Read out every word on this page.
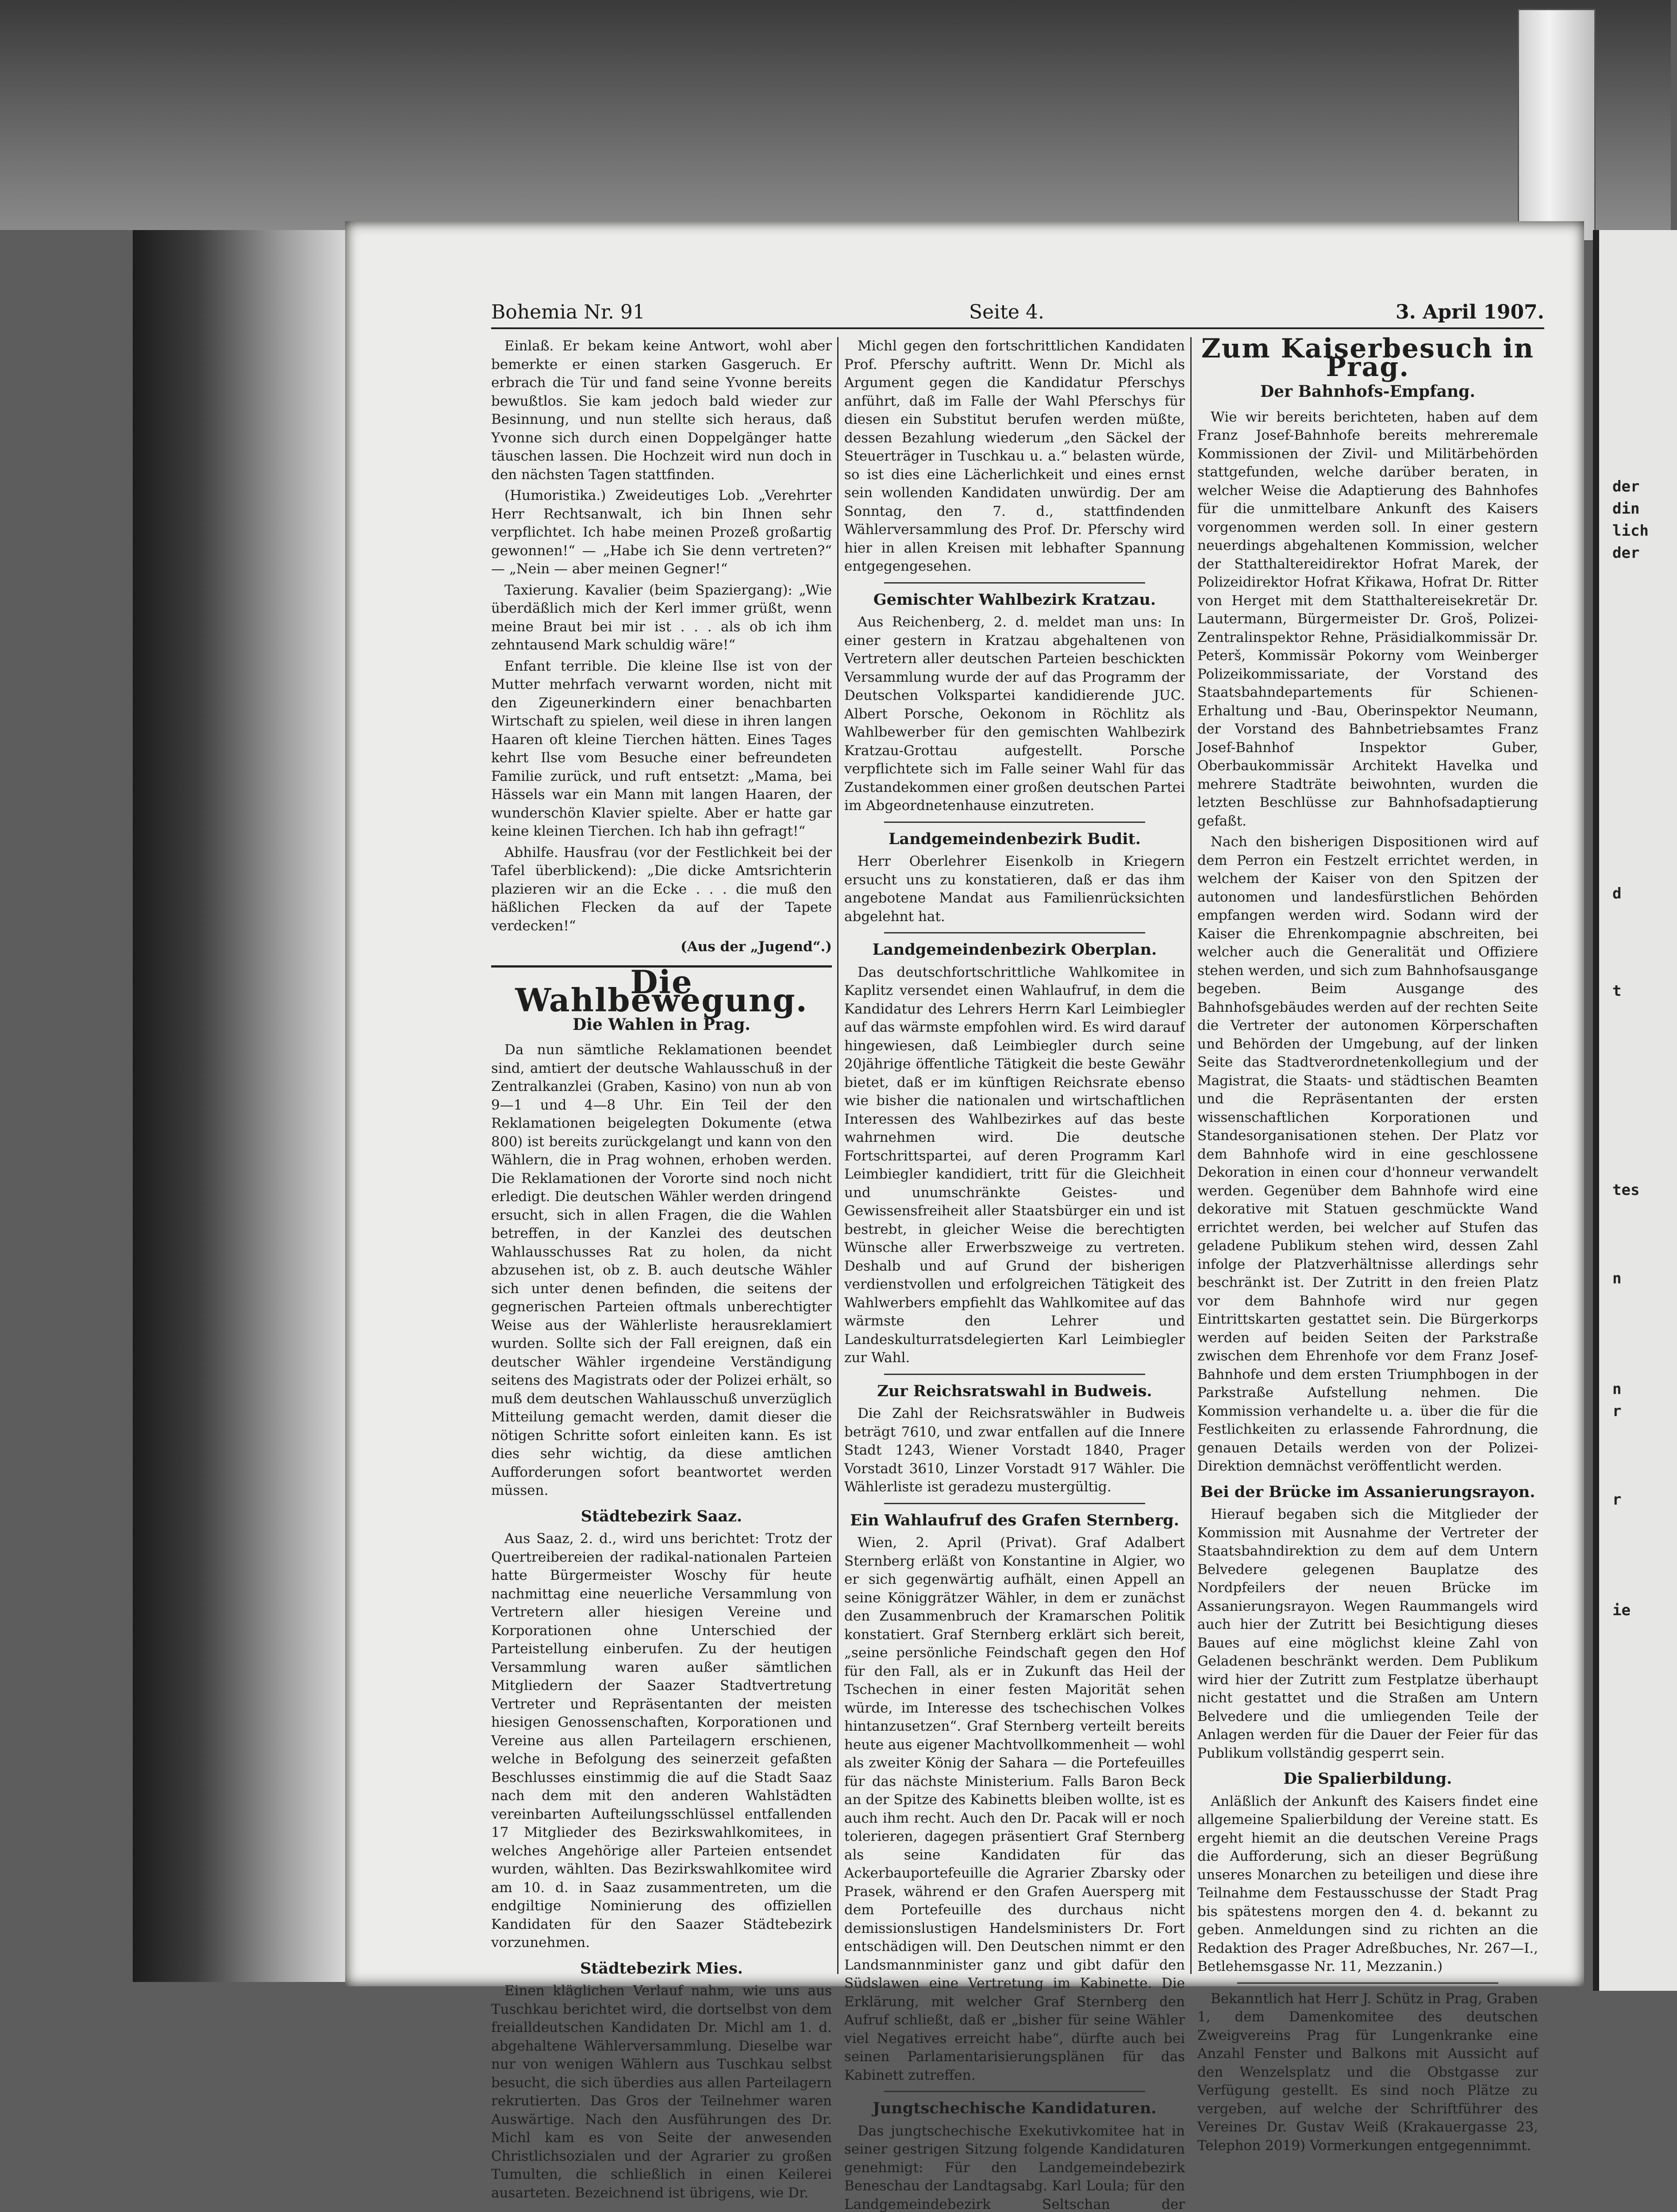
Bohemia Nr. 91	Seite 4.	3. April 1907.

Einlaß. Er bekam keine Antwort, wohl aber bemerkte er einen starken Gasgeruch. Er erbrach die Tür und fand seine Yvonne bereits bewußtlos. Sie kam jedoch bald wieder zur Besinnung, und nun stellte sich heraus, daß Yvonne sich durch einen Doppelgänger hatte täuschen lassen. Die Hochzeit wird nun doch in den nächsten Tagen stattfinden.

(Humoristika.) Zweideutiges Lob. „Verehrter Herr Rechtsanwalt, ich bin Ihnen sehr verpflichtet. Ich habe meinen Prozeß großartig gewonnen!“ — „Habe ich Sie denn vertreten?“ — „Nein — aber meinen Gegner!“

Taxierung. Kavalier (beim Spaziergang): „Wie überdäßlich mich der Kerl immer grüßt, wenn meine Braut bei mir ist . . . als ob ich ihm zehntausend Mark schuldig wäre!“

Enfant terrible. Die kleine Ilse ist von der Mutter mehrfach verwarnt worden, nicht mit den Zigeunerkindern einer benachbarten Wirtschaft zu spielen, weil diese in ihren langen Haaren oft kleine Tierchen hätten. Eines Tages kehrt Ilse vom Besuche einer befreundeten Familie zurück, und ruft entsetzt: „Mama, bei Hässels war ein Mann mit langen Haaren, der wunderschön Klavier spielte. Aber er hatte gar keine kleinen Tierchen. Ich hab ihn gefragt!“

Abhilfe. Hausfrau (vor der Festlichkeit bei der Tafel überblickend): „Die dicke Amtsrichterin plazieren wir an die Ecke . . . die muß den häßlichen Flecken da auf der Tapete verdecken!“

(Aus der „Jugend“.)
Die Wahlbewegung.
Die Wahlen in Prag.

Da nun sämtliche Reklamationen beendet sind, amtiert der deutsche Wahlausschuß in der Zentralkanzlei (Graben, Kasino) von nun ab von 9—1 und 4—8 Uhr. Ein Teil der den Reklamationen beigelegten Dokumente (etwa 800) ist bereits zurückgelangt und kann von den Wählern, die in Prag wohnen, erhoben werden. Die Reklamationen der Vororte sind noch nicht erledigt. Die deutschen Wähler werden dringend ersucht, sich in allen Fragen, die die Wahlen betreffen, in der Kanzlei des deutschen Wahlausschusses Rat zu holen, da nicht abzusehen ist, ob z. B. auch deutsche Wähler sich unter denen befinden, die seitens der gegnerischen Parteien oftmals unberechtigter Weise aus der Wählerliste herausreklamiert wurden. Sollte sich der Fall ereignen, daß ein deutscher Wähler irgendeine Verständigung seitens des Magistrats oder der Polizei erhält, so muß dem deutschen Wahlausschuß unverzüglich Mitteilung gemacht werden, damit dieser die nötigen Schritte sofort einleiten kann. Es ist dies sehr wichtig, da diese amtlichen Aufforderungen sofort beantwortet werden müssen.

Städtebezirk Saaz.

Aus Saaz, 2. d., wird uns berichtet: Trotz der Quertreibereien der radikal-nationalen Parteien hatte Bürgermeister Woschy für heute nachmittag eine neuerliche Versammlung von Vertretern aller hiesigen Vereine und Korporationen ohne Unterschied der Parteistellung einberufen. Zu der heutigen Versammlung waren außer sämtlichen Mitgliedern der Saazer Stadtvertretung Vertreter und Repräsentanten der meisten hiesigen Genossenschaften, Korporationen und Vereine aus allen Parteilagern erschienen, welche in Befolgung des seinerzeit gefaßten Beschlusses einstimmig die auf die Stadt Saaz nach dem mit den anderen Wahlstädten vereinbarten Aufteilungsschlüssel entfallenden 17 Mitglieder des Bezirkswahlkomitees, in welches Angehörige aller Parteien entsendet wurden, wählten. Das Bezirkswahlkomitee wird am 10. d. in Saaz zusammentreten, um die endgiltige Nominierung des offiziellen Kandidaten für den Saazer Städtebezirk vorzunehmen.

Städtebezirk Mies.

Einen kläglichen Verlauf nahm, wie uns aus Tuschkau berichtet wird, die dortselbst von dem freialldeutschen Kandidaten Dr. Michl am 1. d. abgehaltene Wählerversammlung. Dieselbe war nur von wenigen Wählern aus Tuschkau selbst besucht, die sich überdies aus allen Parteilagern rekrutierten. Das Gros der Teilnehmer waren Auswärtige. Nach den Ausführungen des Dr. Michl kam es von Seite der anwesenden Christlichsozialen und der Agrarier zu großen Tumulten, die schließlich in einen Keilerei ausarteten. Bezeichnend ist übrigens, wie Dr.

Michl gegen den fortschrittlichen Kandidaten Prof. Pferschy auftritt. Wenn Dr. Michl als Argument gegen die Kandidatur Pferschys anführt, daß im Falle der Wahl Pferschys für diesen ein Substitut berufen werden müßte, dessen Bezahlung wiederum „den Säckel der Steuerträger in Tuschkau u. a.“ belasten würde, so ist dies eine Lächerlichkeit und eines ernst sein wollenden Kandidaten unwürdig. Der am Sonntag, den 7. d., stattfindenden Wählerversammlung des Prof. Dr. Pferschy wird hier in allen Kreisen mit lebhafter Spannung entgegengesehen.

Gemischter Wahlbezirk Kratzau.

Aus Reichenberg, 2. d. meldet man uns: In einer gestern in Kratzau abgehaltenen von Vertretern aller deutschen Parteien beschickten Versammlung wurde der auf das Programm der Deutschen Volkspartei kandidierende JUC. Albert Porsche, Oekonom in Röchlitz als Wahlbewerber für den gemischten Wahlbezirk Kratzau-Grottau aufgestellt. Porsche verpflichtete sich im Falle seiner Wahl für das Zustandekommen einer großen deutschen Partei im Abgeordnetenhause einzutreten.

Landgemeindenbezirk Budit.

Herr Oberlehrer Eisenkolb in Kriegern ersucht uns zu konstatieren, daß er das ihm angebotene Mandat aus Familienrücksichten abgelehnt hat.

Landgemeindenbezirk Oberplan.

Das deutschfortschrittliche Wahlkomitee in Kaplitz versendet einen Wahlaufruf, in dem die Kandidatur des Lehrers Herrn Karl Leimbiegler auf das wärmste empfohlen wird. Es wird darauf hingewiesen, daß Leimbiegler durch seine 20jährige öffentliche Tätigkeit die beste Gewähr bietet, daß er im künftigen Reichsrate ebenso wie bisher die nationalen und wirtschaftlichen Interessen des Wahlbezirkes auf das beste wahrnehmen wird. Die deutsche Fortschrittspartei, auf deren Programm Karl Leimbiegler kandidiert, tritt für die Gleichheit und unumschränkte Geistes- und Gewissensfreiheit aller Staatsbürger ein und ist bestrebt, in gleicher Weise die berechtigten Wünsche aller Erwerbszweige zu vertreten. Deshalb und auf Grund der bisherigen verdienstvollen und erfolgreichen Tätigkeit des Wahlwerbers empfiehlt das Wahlkomitee auf das wärmste den Lehrer und Landeskulturratsdelegierten Karl Leimbiegler zur Wahl.

Zur Reichsratswahl in Budweis.

Die Zahl der Reichsratswähler in Budweis beträgt 7610, und zwar entfallen auf die Innere Stadt 1243, Wiener Vorstadt 1840, Prager Vorstadt 3610, Linzer Vorstadt 917 Wähler. Die Wählerliste ist geradezu mustergültig.

Ein Wahlaufruf des Grafen Sternberg.

Wien, 2. April (Privat). Graf Adalbert Sternberg erläßt von Konstantine in Algier, wo er sich gegenwärtig aufhält, einen Appell an seine Königgrätzer Wähler, in dem er zunächst den Zusammenbruch der Kramarschen Politik konstatiert. Graf Sternberg erklärt sich bereit, „seine persönliche Feindschaft gegen den Hof für den Fall, als er in Zukunft das Heil der Tschechen in einer festen Majorität sehen würde, im Interesse des tschechischen Volkes hintanzusetzen“. Graf Sternberg verteilt bereits heute aus eigener Machtvollkommenheit — wohl als zweiter König der Sahara — die Portefeuilles für das nächste Ministerium. Falls Baron Beck an der Spitze des Kabinetts bleiben wollte, ist es auch ihm recht. Auch den Dr. Pacak will er noch tolerieren, dagegen präsentiert Graf Sternberg als seine Kandidaten für das Ackerbauportefeuille die Agrarier Zbarsky oder Prasek, während er den Grafen Auersperg mit dem Portefeuille des durchaus nicht demissionslustigen Handelsministers Dr. Fort entschädigen will. Den Deutschen nimmt er den Landsmannminister ganz und gibt dafür den Südslawen eine Vertretung im Kabinette. Die Erklärung, mit welcher Graf Sternberg den Aufruf schließt, daß er „bisher für seine Wähler viel Negatives erreicht habe“, dürfte auch bei seinen Parlamentarisierungsplänen für das Kabinett zutreffen.

Jungtschechische Kandidaturen.

Das jungtschechische Exekutivkomitee hat in seiner gestrigen Sitzung folgende Kandidaturen genehmigt: Für den Landgemeindebezirk Beneschau der Landtagsabg. Karl Loula; für den Landgemeindebezirk Seltschan der

Zum Kaiserbesuch in Prag.
Der Bahnhofs-Empfang.

Wie wir bereits berichteten, haben auf dem Franz Josef-Bahnhofe bereits mehreremale Kommissionen der Zivil- und Militärbehörden stattgefunden, welche darüber beraten, in welcher Weise die Adaptierung des Bahnhofes für die unmittelbare Ankunft des Kaisers vorgenommen werden soll. In einer gestern neuerdings abgehaltenen Kommission, welcher der Statthaltereidirektor Hofrat Marek, der Polizeidirektor Hofrat Křikawa, Hofrat Dr. Ritter von Herget mit dem Statthaltereisekretär Dr. Lautermann, Bürgermeister Dr. Groš, Polizei-Zentralinspektor Rehne, Präsidialkommissär Dr. Peterš, Kommissär Pokorny vom Weinberger Polizeikommissariate, der Vorstand des Staatsbahndepartements für Schienen-Erhaltung und -Bau, Oberinspektor Neumann, der Vorstand des Bahnbetriebsamtes Franz Josef-Bahnhof Inspektor Guber, Oberbaukommissär Architekt Havelka und mehrere Stadträte beiwohnten, wurden die letzten Beschlüsse zur Bahnhofsadaptierung gefaßt.

Nach den bisherigen Dispositionen wird auf dem Perron ein Festzelt errichtet werden, in welchem der Kaiser von den Spitzen der autonomen und landesfürstlichen Behörden empfangen werden wird. Sodann wird der Kaiser die Ehrenkompagnie abschreiten, bei welcher auch die Generalität und Offiziere stehen werden, und sich zum Bahnhofsausgange begeben. Beim Ausgange des Bahnhofsgebäudes werden auf der rechten Seite die Vertreter der autonomen Körperschaften und Behörden der Umgebung, auf der linken Seite das Stadtverordnetenkollegium und der Magistrat, die Staats- und städtischen Beamten und die Repräsentanten der ersten wissenschaftlichen Korporationen und Standesorganisationen stehen. Der Platz vor dem Bahnhofe wird in eine geschlossene Dekoration in einen cour d'honneur verwandelt werden. Gegenüber dem Bahnhofe wird eine dekorative mit Statuen geschmückte Wand errichtet werden, bei welcher auf Stufen das geladene Publikum stehen wird, dessen Zahl infolge der Platzverhältnisse allerdings sehr beschränkt ist. Der Zutritt in den freien Platz vor dem Bahnhofe wird nur gegen Eintrittskarten gestattet sein. Die Bürgerkorps werden auf beiden Seiten der Parkstraße zwischen dem Ehrenhofe vor dem Franz Josef-Bahnhofe und dem ersten Triumphbogen in der Parkstraße Aufstellung nehmen. Die Kommission verhandelte u. a. über die für die Festlichkeiten zu erlassende Fahrordnung, die genauen Details werden von der Polizei-Direktion demnächst veröffentlicht werden.

Bei der Brücke im Assanierungsrayon.

Hierauf begaben sich die Mitglieder der Kommission mit Ausnahme der Vertreter der Staatsbahndirektion zu dem auf dem Untern Belvedere gelegenen Bauplatze des Nordpfeilers der neuen Brücke im Assanierungsrayon. Wegen Raummangels wird auch hier der Zutritt bei Besichtigung dieses Baues auf eine möglichst kleine Zahl von Geladenen beschränkt werden. Dem Publikum wird hier der Zutritt zum Festplatze überhaupt nicht gestattet und die Straßen am Untern Belvedere und die umliegenden Teile der Anlagen werden für die Dauer der Feier für das Publikum vollständig gesperrt sein.

Die Spalierbildung.

Anläßlich der Ankunft des Kaisers findet eine allgemeine Spalierbildung der Vereine statt. Es ergeht hiemit an die deutschen Vereine Prags die Aufforderung, sich an dieser Begrüßung unseres Monarchen zu beteiligen und diese ihre Teilnahme dem Festausschusse der Stadt Prag bis spätestens morgen den 4. d. bekannt zu geben. Anmeldungen sind zu richten an die Redaktion des Prager Adreßbuches, Nr. 267—I., Betlehemsgasse Nr. 11, Mezzanin.)

Bekanntlich hat Herr J. Schütz in Prag, Graben 1, dem Damenkomitee des deutschen Zweigvereins Prag für Lungenkranke eine Anzahl Fenster und Balkons mit Aussicht auf den Wenzelsplatz und die Obstgasse zur Verfügung gestellt. Es sind noch Plätze zu vergeben, auf welche der Schriftführer des Vereines Dr. Gustav Weiß (Krakauergasse 23, Telephon 2019) Vormerkungen entgegennimmt.

der
din
lich
der
d
t
tes
n
n
r
r
ie
